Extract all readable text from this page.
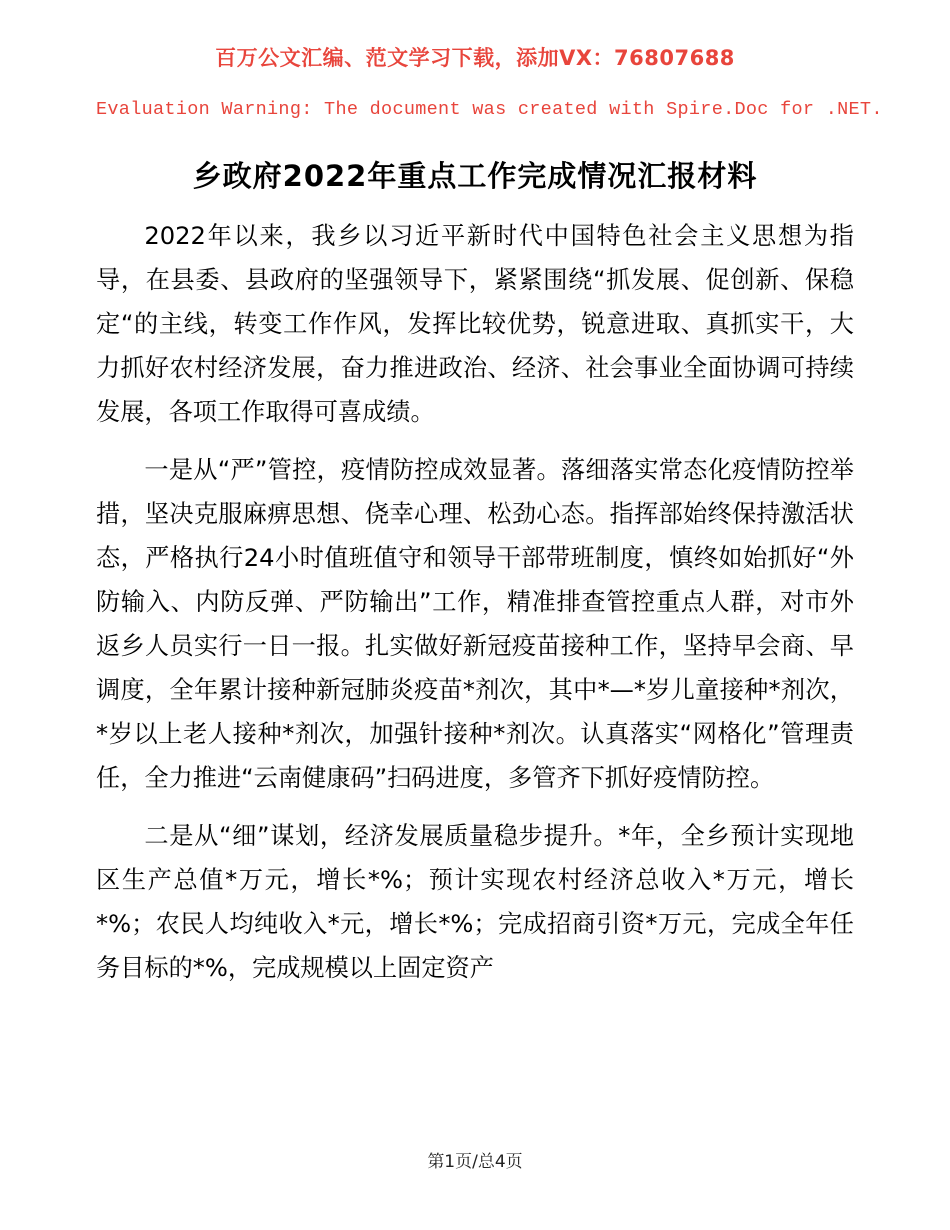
百万公文汇编、范文学习下载，添加VX：76807688
Evaluation Warning: The document was created with Spire.Doc for .NET.
乡政府2022年重点工作完成情况汇报材料

2022年以来，我乡以习近平新时代中国特色社会主义思想为指导，在县委、县政府的坚强领导下，紧紧围绕“抓发展、促创新、保稳定“的主线，转变工作作风，发挥比较优势，锐意进取、真抓实干，大力抓好农村经济发展，奋力推进政治、经济、社会事业全面协调可持续发展，各项工作取得可喜成绩。

一是从“严”管控，疫情防控成效显著。落细落实常态化疫情防控举措，坚决克服麻痹思想、侥幸心理、松劲心态。指挥部始终保持激活状态，严格执行24小时值班值守和领导干部带班制度，慎终如始抓好“外防输入、内防反弹、严防输出”工作，精准排查管控重点人群，对市外返乡人员实行一日一报。扎实做好新冠疫苗接种工作，坚持早会商、早调度，全年累计接种新冠肺炎疫苗*剂次，其中*—*岁儿童接种*剂次，*岁以上老人接种*剂次，加强针接种*剂次。认真落实“网格化”管理责任，全力推进“云南健康码”扫码进度，多管齐下抓好疫情防控。

二是从“细”谋划，经济发展质量稳步提升。*年，全乡预计实现地区生产总值*万元，增长*%；预计实现农村经济总收入*万元，增长*%；农民人均纯收入*元，增长*%；完成招商引资*万元，完成全年任务目标的*%，完成规模以上固定资产

第1页/总4页
